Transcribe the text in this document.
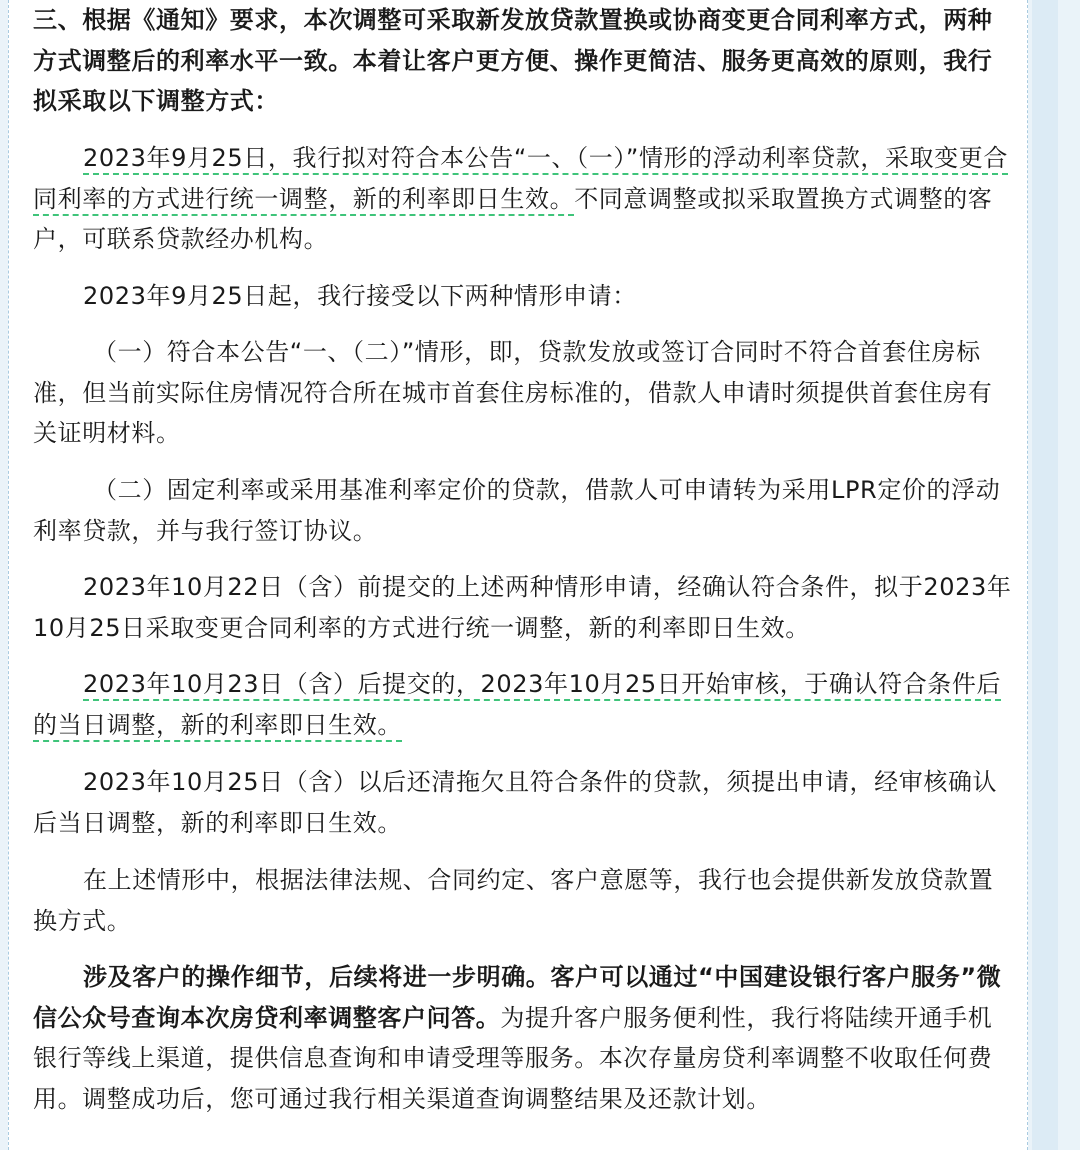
三、根据《通知》要求，本次调整可采取新发放贷款置换或协商变更合同利率方式，两种方式调整后的利率水平一致。本着让客户更方便、操作更简洁、服务更高效的原则，我行拟采取以下调整方式：

2023年9月25日，我行拟对符合本公告“一、（一）”情形的浮动利率贷款，采取变更合同利率的方式进行统一调整，新的利率即日生效。不同意调整或拟采取置换方式调整的客户，可联系贷款经办机构。

2023年9月25日起，我行接受以下两种情形申请：

（一）符合本公告“一、（二）”情形，即，贷款发放或签订合同时不符合首套住房标准，但当前实际住房情况符合所在城市首套住房标准的，借款人申请时须提供首套住房有关证明材料。

（二）固定利率或采用基准利率定价的贷款，借款人可申请转为采用LPR定价的浮动利率贷款，并与我行签订协议。

2023年10月22日（含）前提交的上述两种情形申请，经确认符合条件，拟于2023年10月25日采取变更合同利率的方式进行统一调整，新的利率即日生效。

2023年10月23日（含）后提交的，2023年10月25日开始审核，于确认符合条件后的当日调整，新的利率即日生效。

2023年10月25日（含）以后还清拖欠且符合条件的贷款，须提出申请，经审核确认后当日调整，新的利率即日生效。

在上述情形中，根据法律法规、合同约定、客户意愿等，我行也会提供新发放贷款置换方式。

涉及客户的操作细节，后续将进一步明确。客户可以通过“中国建设银行客户服务”微信公众号查询本次房贷利率调整客户问答。为提升客户服务便利性，我行将陆续开通手机银行等线上渠道，提供信息查询和申请受理等服务。本次存量房贷利率调整不收取任何费用。调整成功后，您可通过我行相关渠道查询调整结果及还款计划。
